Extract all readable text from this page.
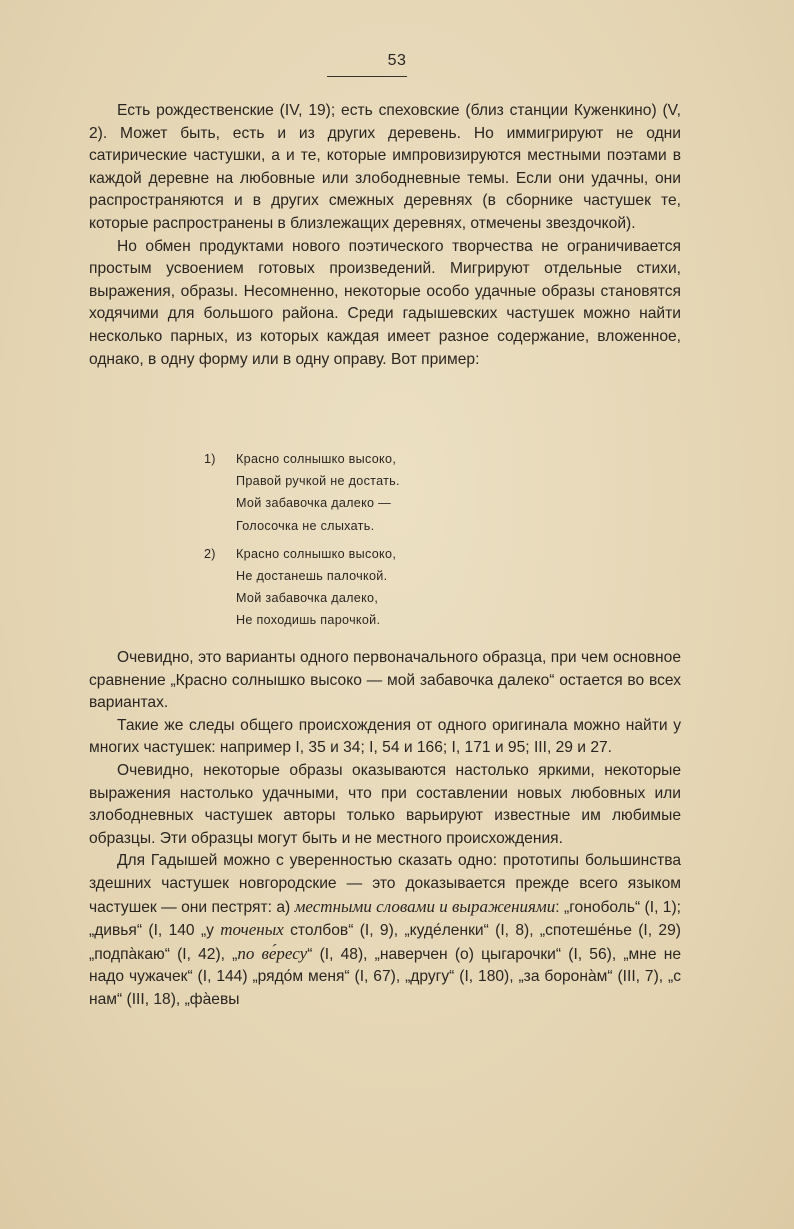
53

Есть рождественские (IV, 19); есть спеховские (близ станции Куженкино) (V, 2). Может быть, есть и из других деревень. Но иммигрируют не одни сатирические частушки, а и те, которые импровизируются местными поэтами в каждой деревне на любовные или злободневные темы. Если они удачны, они распространяются и в других смежных деревнях (в сборнике частушек те, которые распространены в близлежащих деревнях, отмечены звездочкой).

Но обмен продуктами нового поэтического творчества не ограничивается простым усвоением готовых произведений. Мигрируют отдельные стихи, выражения, образы. Несомненно, некоторые особо удачные образы становятся ходячими для большого района. Среди гадышевских частушек можно найти несколько парных, из которых каждая имеет разное содержание, вложенное, однако, в одну форму или в одну оправу. Вот пример:

1)	Красно солнышко высоко,
Правой ручкой не достать.
Мой забавочка далеко —
Голосочка не слыхать.
2)	Красно солнышко высоко,
Не достанешь палочкой.
Мой забавочка далеко,
Не походишь парочкой.

Очевидно, это варианты одного первоначального образца, при чем основное сравнение „Красно солнышко высоко — мой забавочка далеко“ остается во всех вариантах.

Такие же следы общего происхождения от одного оригинала можно найти у многих частушек: например I, 35 и 34; I, 54 и 166; I, 171 и 95; III, 29 и 27.

Очевидно, некоторые образы оказываются настолько яркими, некоторые выражения настолько удачными, что при составлении новых любовных или злободневных частушек авторы только варьируют известные им любимые образцы. Эти образцы могут быть и не местного происхождения.

Для Гадышей можно с уверенностью сказать одно: прототипы большинства здешних частушек новгородские — это доказывается прежде всего языком частушек — они пестрят: а) местными словами и выражениями: „гоноболь“ (I, 1); „дивья“ (I, 140 „у точеных столбов“ (I, 9), „куде́ленки“ (I, 8), „спотеше́нье (I, 29) „подпа̀каю“ (I, 42), „по ве́ресу“ (I, 48), „наверчен (о) цыгарочки“ (I, 56), „мне не надо чужачек“ (I, 144) „рядо́м меня“ (I, 67), „другу“ (I, 180), „за борона̀м“ (III, 7), „с нам“ (III, 18), „фа̀евы
